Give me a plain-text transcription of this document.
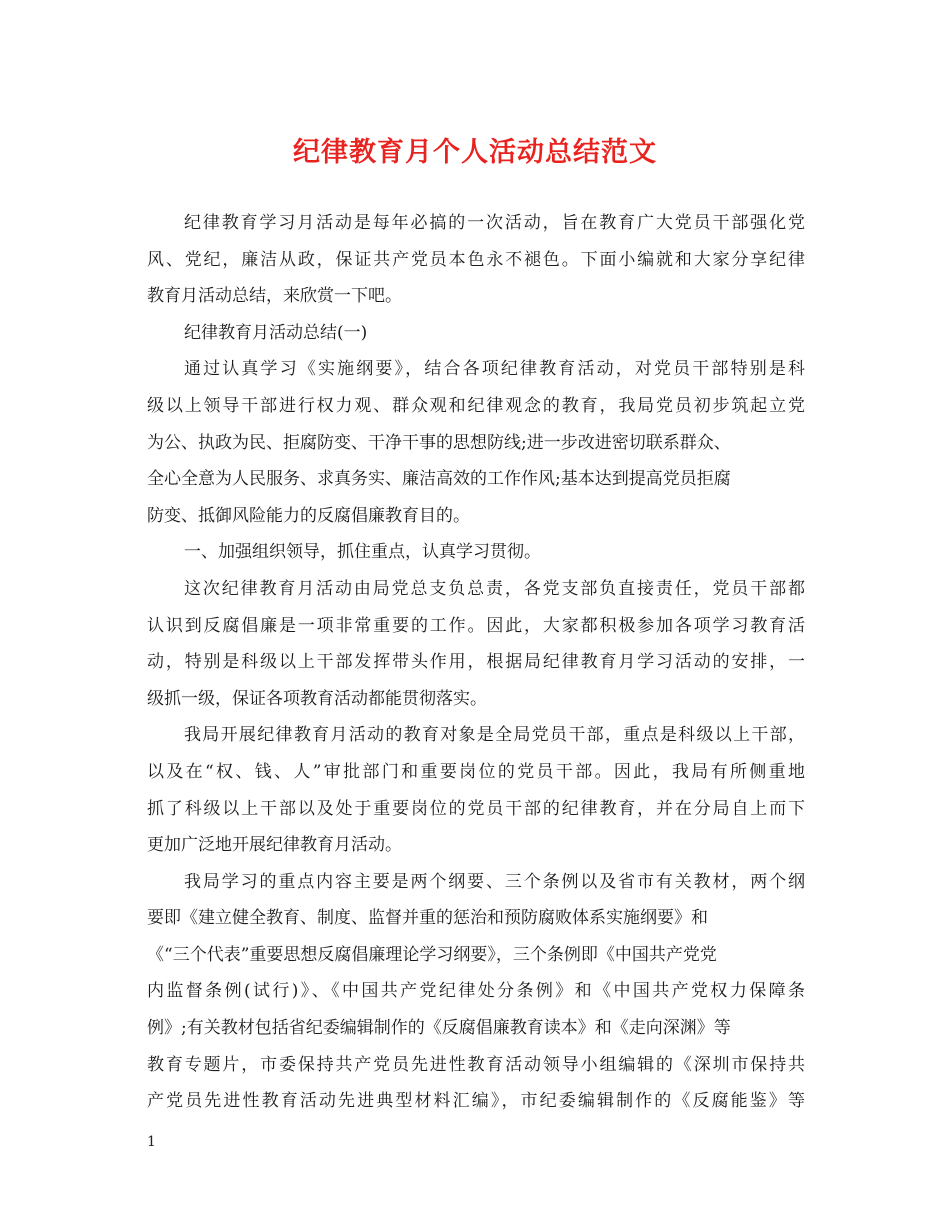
纪律教育月个人活动总结范文
纪律教育学习月活动是每年必搞的一次活动，旨在教育广大党员干部强化党
风、党纪，廉洁从政，保证共产党员本色永不褪色。下面小编就和大家分享纪律
教育月活动总结，来欣赏一下吧。
纪律教育月活动总结(一)
通过认真学习《实施纲要》，结合各项纪律教育活动，对党员干部特别是科
级以上领导干部进行权力观、群众观和纪律观念的教育，我局党员初步筑起立党
为公、执政为民、拒腐防变、干净干事的思想防线;进一步改进密切联系群众、
全心全意为人民服务、求真务实、廉洁高效的工作作风;基本达到提高党员拒腐
防变、抵御风险能力的反腐倡廉教育目的。
一、加强组织领导，抓住重点，认真学习贯彻。
这次纪律教育月活动由局党总支负总责，各党支部负直接责任，党员干部都
认识到反腐倡廉是一项非常重要的工作。因此，大家都积极参加各项学习教育活
动，特别是科级以上干部发挥带头作用，根据局纪律教育月学习活动的安排，一
级抓一级，保证各项教育活动都能贯彻落实。
我局开展纪律教育月活动的教育对象是全局党员干部，重点是科级以上干部，
以及在“权、钱、人”审批部门和重要岗位的党员干部。因此，我局有所侧重地
抓了科级以上干部以及处于重要岗位的党员干部的纪律教育，并在分局自上而下
更加广泛地开展纪律教育月活动。
我局学习的重点内容主要是两个纲要、三个条例以及省市有关教材，两个纲
要即《建立健全教育、制度、监督并重的惩治和预防腐败体系实施纲要》和
《“三个代表”重要思想反腐倡廉理论学习纲要》，三个条例即《中国共产党党
内监督条例(试行)》、《中国共产党纪律处分条例》和《中国共产党权力保障条
例》;有关教材包括省纪委编辑制作的《反腐倡廉教育读本》和《走向深渊》等
教育专题片，市委保持共产党员先进性教育活动领导小组编辑的《深圳市保持共
产党员先进性教育活动先进典型材料汇编》，市纪委编辑制作的《反腐能鉴》等
1
